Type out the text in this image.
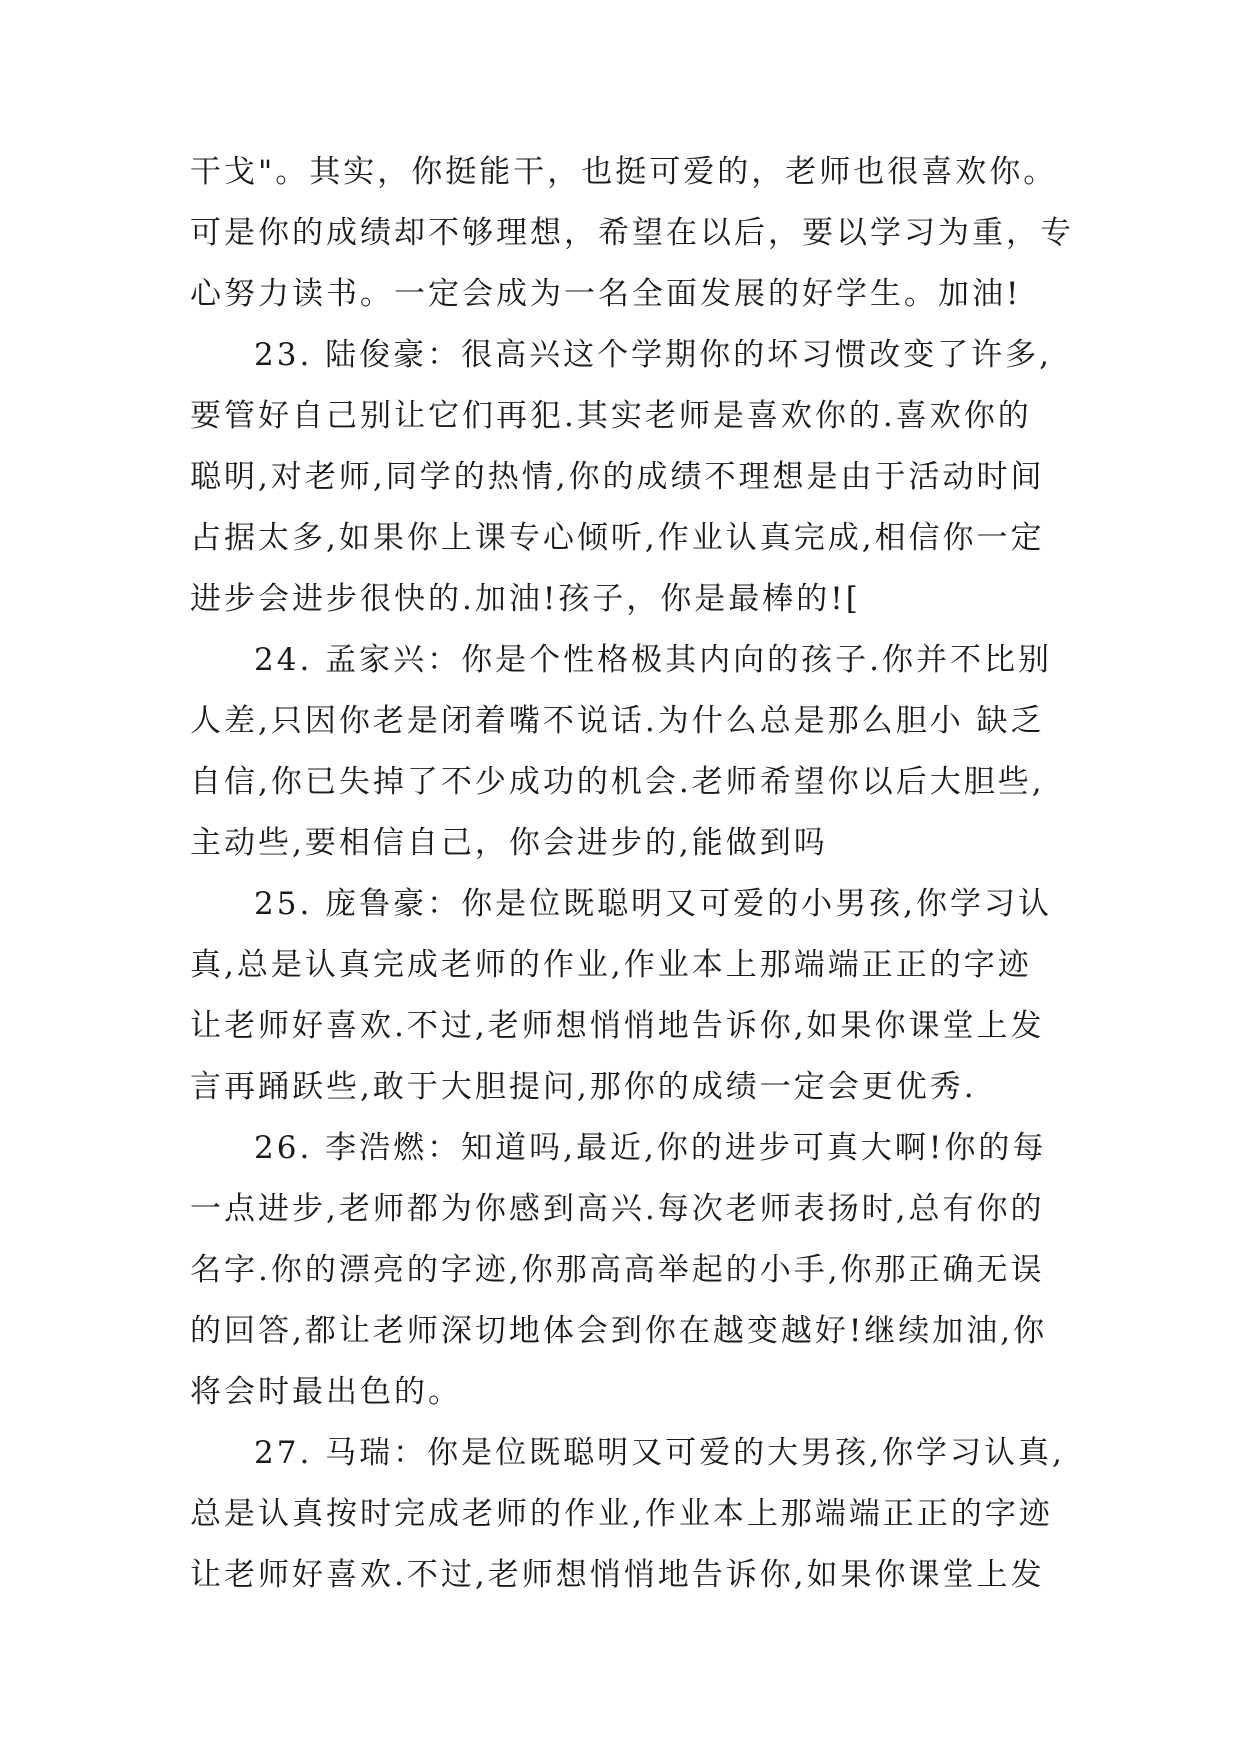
干戈"。其实，你挺能干，也挺可爱的，老师也很喜欢你。
可是你的成绩却不够理想，希望在以后，要以学习为重，专
心努力读书。一定会成为一名全面发展的好学生。加油!
23. 陆俊豪：很高兴这个学期你的坏习惯改变了许多,
要管好自己别让它们再犯.其实老师是喜欢你的.喜欢你的
聪明,对老师,同学的热情,你的成绩不理想是由于活动时间
占据太多,如果你上课专心倾听,作业认真完成,相信你一定
进步会进步很快的.加油!孩子，你是最棒的![
24. 孟家兴：你是个性格极其内向的孩子.你并不比别
人差,只因你老是闭着嘴不说话.为什么总是那么胆小 缺乏
自信,你已失掉了不少成功的机会.老师希望你以后大胆些,
主动些,要相信自己，你会进步的,能做到吗
25. 庞鲁豪：你是位既聪明又可爱的小男孩,你学习认
真,总是认真完成老师的作业,作业本上那端端正正的字迹
让老师好喜欢.不过,老师想悄悄地告诉你,如果你课堂上发
言再踊跃些,敢于大胆提问,那你的成绩一定会更优秀.
26. 李浩燃：知道吗,最近,你的进步可真大啊!你的每
一点进步,老师都为你感到高兴.每次老师表扬时,总有你的
名字.你的漂亮的字迹,你那高高举起的小手,你那正确无误
的回答,都让老师深切地体会到你在越变越好!继续加油,你
将会时最出色的。
27. 马瑞：你是位既聪明又可爱的大男孩,你学习认真,
总是认真按时完成老师的作业,作业本上那端端正正的字迹
让老师好喜欢.不过,老师想悄悄地告诉你,如果你课堂上发
